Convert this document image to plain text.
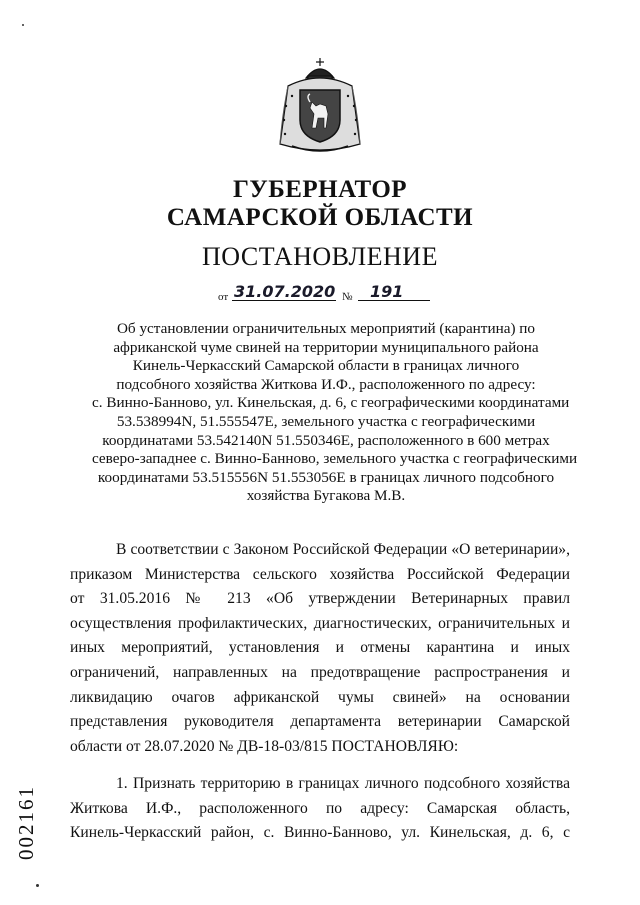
ГУБЕРНАТОР
САМАРСКОЙ ОБЛАСТИ
ПОСТАНОВЛЕНИЕ
от 31.07.2020 № 191
Об установлении ограничительных мероприятий (карантина) по
африканской чуме свиней на территории муниципального района
Кинель-Черкасский Самарской области в границах личного
подсобного хозяйства Житкова И.Ф., расположенного по адресу:
с. Винно-Банново, ул. Кинельская, д. 6, с географическими координатами
53.538994N, 51.555547E, земельного участка с географическими
координатами 53.542140N 51.550346E, расположенного в 600 метрах
северо-западнее с. Винно-Банново, земельного участка с географическими
координатами 53.515556N 51.553056E в границах личного подсобного
хозяйства Бугакова М.В.
В соответствии с Законом Российской Федерации «О ветеринарии»,
приказом Министерства сельского хозяйства Российской Федерации
от 31.05.2016 № 213 «Об утверждении Ветеринарных правил
осуществления профилактических, диагностических, ограничительных и
иных мероприятий, установления и отмены карантина и иных
ограничений, направленных на предотвращение распространения и
ликвидацию очагов африканской чумы свиней» на основании
представления руководителя департамента ветеринарии Самарской
области от 28.07.2020 № ДВ-18-03/815 ПОСТАНОВЛЯЮ:
1. Признать территорию в границах личного подсобного хозяйства
Житкова И.Ф., расположенного по адресу: Самарская область,
Кинель-Черкасский район, с. Винно-Банново, ул. Кинельская, д. 6, с
002161
